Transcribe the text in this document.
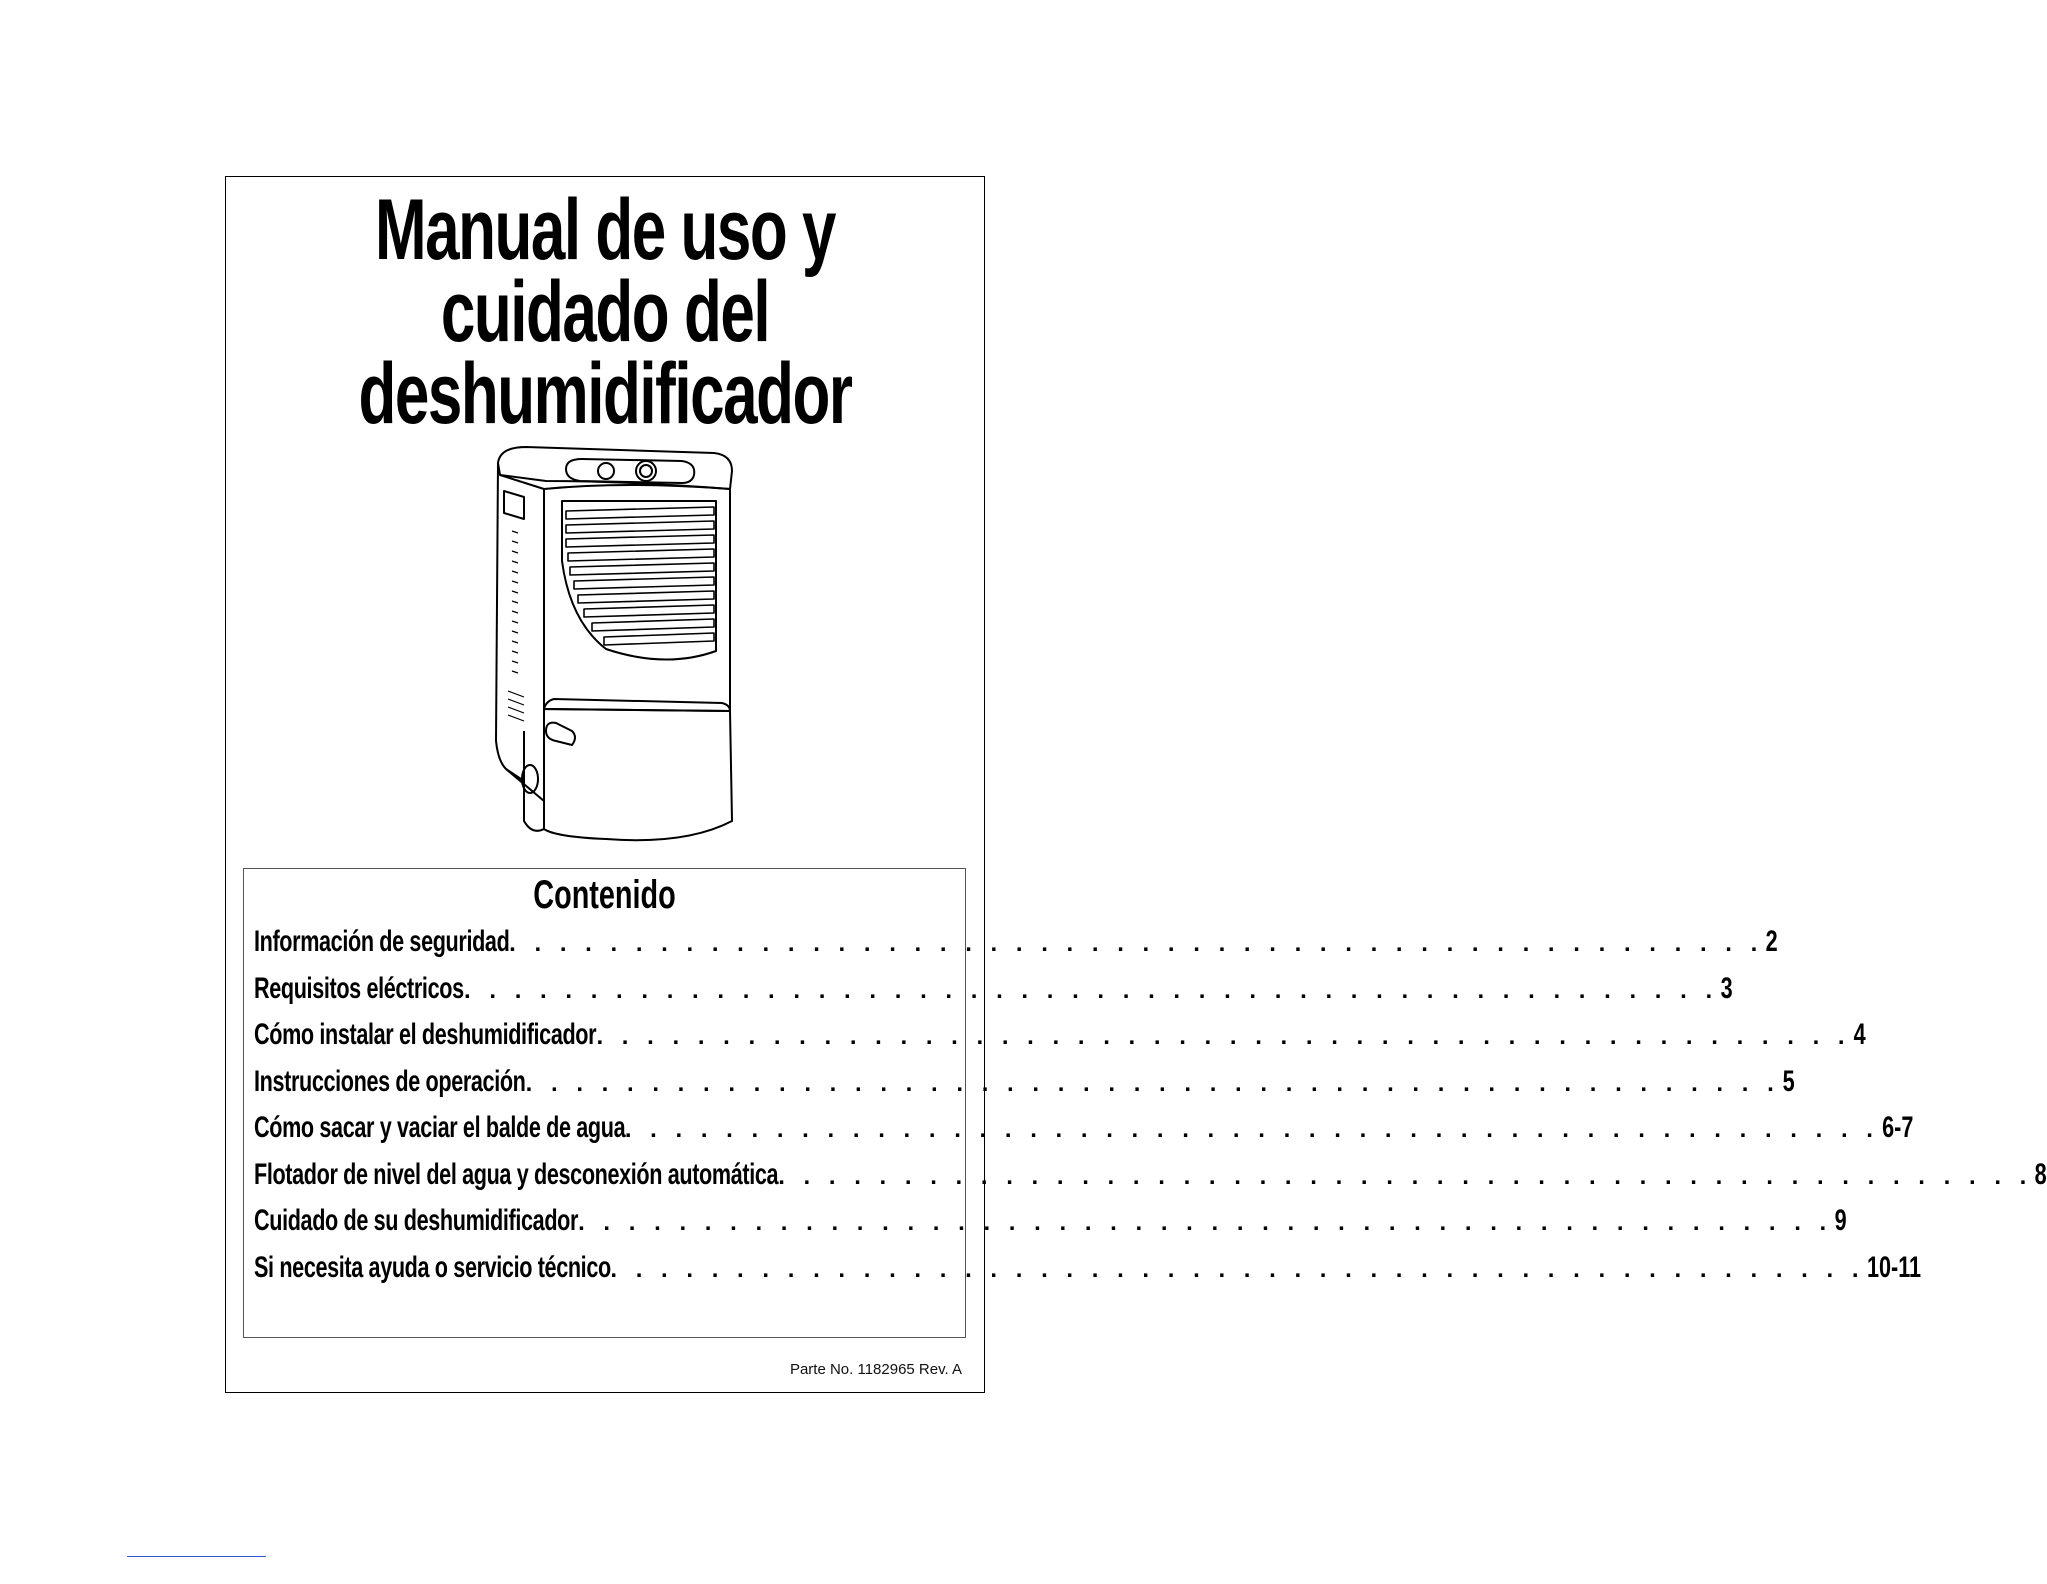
Manual de uso y
cuidado del
deshumidificador
Contenido
Información de seguridad . . . . . . . . . . . . . . . . . . . . . . . . . . . . . . . . . . . . . . . . . . . . . . . . . . 2
Requisitos eléctricos . . . . . . . . . . . . . . . . . . . . . . . . . . . . . . . . . . . . . . . . . . . . . . . . . . 3
Cómo instalar el deshumidificador . . . . . . . . . . . . . . . . . . . . . . . . . . . . . . . . . . . . . . . . . . . . . . . . . . 4
Instrucciones de operación . . . . . . . . . . . . . . . . . . . . . . . . . . . . . . . . . . . . . . . . . . . . . . . . . . 5
Cómo sacar y vaciar el balde de agua . . . . . . . . . . . . . . . . . . . . . . . . . . . . . . . . . . . . . . . . . . . . . . . . . . 6-7
Flotador de nivel del agua y desconexión automática . . . . . . . . . . . . . . . . . . . . . . . . . . . . . . . . . . . . . . . . . . . . . . . . . . 8
Cuidado de su deshumidificador . . . . . . . . . . . . . . . . . . . . . . . . . . . . . . . . . . . . . . . . . . . . . . . . . . 9
Si necesita ayuda o servicio técnico . . . . . . . . . . . . . . . . . . . . . . . . . . . . . . . . . . . . . . . . . . . . . . . . . . 10-11
Parte No. 1182965 Rev. A
